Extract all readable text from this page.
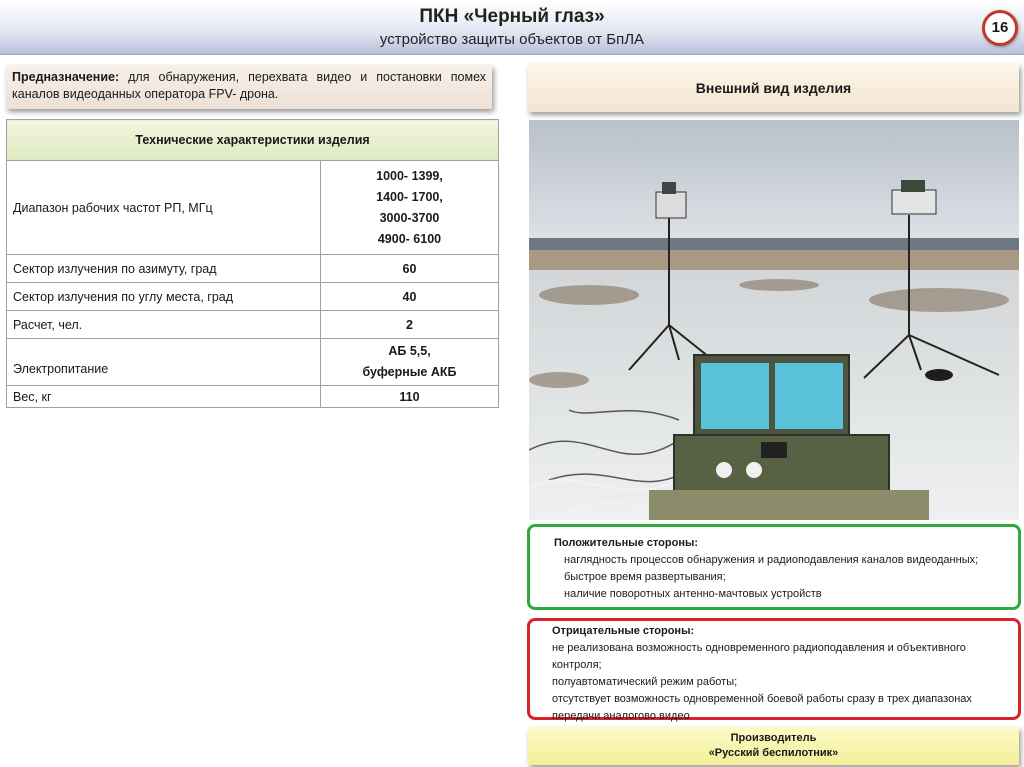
ПКН «Черный глаз»
устройство защиты объектов от БпЛА
16
Предназначение: для обнаружения, перехвата видео и постановки помех каналов видеоданных оператора FPV- дрона.
Технические характеристики изделия	
Диапазон рабочих частот РП, МГц	1000- 1399,
1400- 1700,
3000-3700
4900- 6100

Сектор излучения по азимуту, град	60
Сектор излучения по углу места, град	40
Расчет, чел.	2
Электропитание	АБ 5,5,
буферные АКБ

Вес, кг	110
Внешний вид изделия
Положительные стороны:
наглядность процессов обнаружения и радиоподавления каналов видеоданных;
быстрое время развертывания;
наличие поворотных антенно-мачтовых устройств
Отрицательные стороны:
не реализована возможность одновременного радиоподавления и объективного контроля;
полуавтоматический режим работы;
отсутствует возможность одновременной боевой работы сразу в трех диапазонах передачи аналогово видео
Производитель
«Русский беспилотник»
